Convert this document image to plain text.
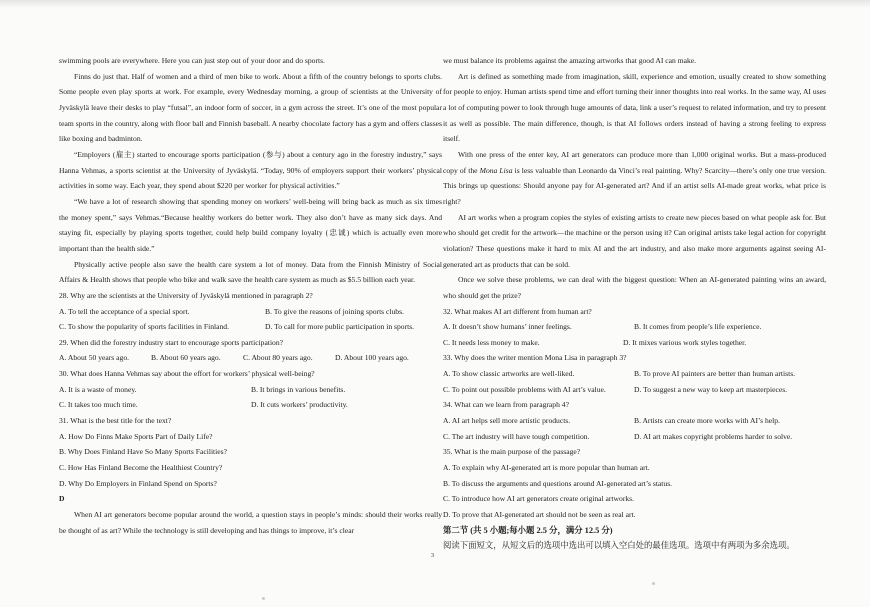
swimming pools are everywhere. Here you can just step out of your door and do sports.

Finns do just that. Half of women and a third of men bike to work. About a fifth of the country belongs to sports clubs. Some people even play sports at work. For example, every Wednesday morning, a group of scientists at the University of Jyväskylä leave their desks to play “futsal”, an indoor form of soccer, in a gym across the street. It’s one of the most popular team sports in the country, along with floor ball and Finnish baseball. A nearby chocolate factory has a gym and offers classes like boxing and badminton.

“Employers (雇主) started to encourage sports participation (参与) about a century ago in the forestry industry,” says Hanna Vehmas, a sports scientist at the University of Jyväskylä. “Today, 90% of employers support their workers’ physical activities in some way. Each year, they spend about $220 per worker for physical activities.”

“We have a lot of research showing that spending money on workers’ well-being will bring back as much as six times the money spent,” says Vehmas.“Because healthy workers do better work. They also don’t have as many sick days. And staying fit, especially by playing sports together, could help build company loyalty (忠诚) which is actually even more important than the health side.”

Physically active people also save the health care system a lot of money. Data from the Finnish Ministry of Social Affairs & Health shows that people who bike and walk save the health care system as much as $5.5 billion each year.

28. Why are the scientists at the University of Jyväskylä mentioned in paragraph 2?

A. To tell the acceptance of a special sport.	B. To give the reasons of joining sports clubs.
C. To show the popularity of sports facilities in Finland.	D. To call for more public participation in sports.

29. When did the forestry industry start to encourage sports participation?

A. About 50 years ago.	B. About 60 years ago.	C. About 80 years ago.	D. About 100 years ago.

30. What does Hanna Vehmas say about the effort for workers’ physical well-being?

A. It is a waste of money.	B. It brings in various benefits.
C. It takes too much time.	D. It cuts workers’ productivity.

31. What is the best title for the text?

A. How Do Finns Make Sports Part of Daily Life?

B. Why Does Finland Have So Many Sports Facilities?

C. How Has Finland Become the Healthiest Country?

D. Why Do Employers in Finland Spend on Sports?

D

When AI art generators become popular around the world, a question stays in people’s minds: should their works really be thought of as art? While the technology is still developing and has things to improve, it’s clear

we must balance its problems against the amazing artworks that good AI can make.

Art is defined as something made from imagination, skill, experience and emotion, usually created to show something for people to enjoy. Human artists spend time and effort turning their inner thoughts into real works. In the same way, AI uses a lot of computing power to look through huge amounts of data, link a user’s request to related information, and try to present it as well as possible. The main difference, though, is that AI follows orders instead of having a strong feeling to express itself.

With one press of the enter key, AI art generators can produce more than 1,000 original works. But a mass-produced copy of the Mona Lisa is less valuable than Leonardo da Vinci’s real painting. Why? Scarcity—there’s only one true version. This brings up questions: Should anyone pay for AI-generated art? And if an artist sells AI-made great works, what price is right?

AI art works when a program copies the styles of existing artists to create new pieces based on what people ask for. But who should get credit for the artwork—the machine or the person using it? Can original artists take legal action for copyright violation? These questions make it hard to mix AI and the art industry, and also make more arguments against seeing AI-generated art as products that can be sold.

Once we solve these problems, we can deal with the biggest question: When an AI-generated painting wins an award, who should get the prize?

32. What makes AI art different from human art?

A. It doesn’t show humans’ inner feelings.	B. It comes from people’s life experience.
C. It needs less money to make.	D. It mixes various work styles together.

33. Why does the writer mention Mona Lisa in paragraph 3?

A. To show classic artworks are well-liked.	B. To prove AI painters are better than human artists.
C. To point out possible problems with AI art’s value.	D. To suggest a new way to keep art masterpieces.

34. What can we learn from paragraph 4?

A. AI art helps sell more artistic products.	B. Artists can create more works with AI’s help.
C. The art industry will have tough competition.	D. AI art makes copyright problems harder to solve.

35. What is the main purpose of the passage?

A. To explain why AI-generated art is more popular than human art.

B. To discuss the arguments and questions around AI-generated art’s status.

C. To introduce how AI art generators create original artworks.

D. To prove that AI-generated art should not be seen as real art.

第二节 (共 5 小题;每小题 2.5 分，满分 12.5 分)

阅读下面短文，从短文后的选项中选出可以填入空白处的最佳选项。选项中有两项为多余选项。

3
